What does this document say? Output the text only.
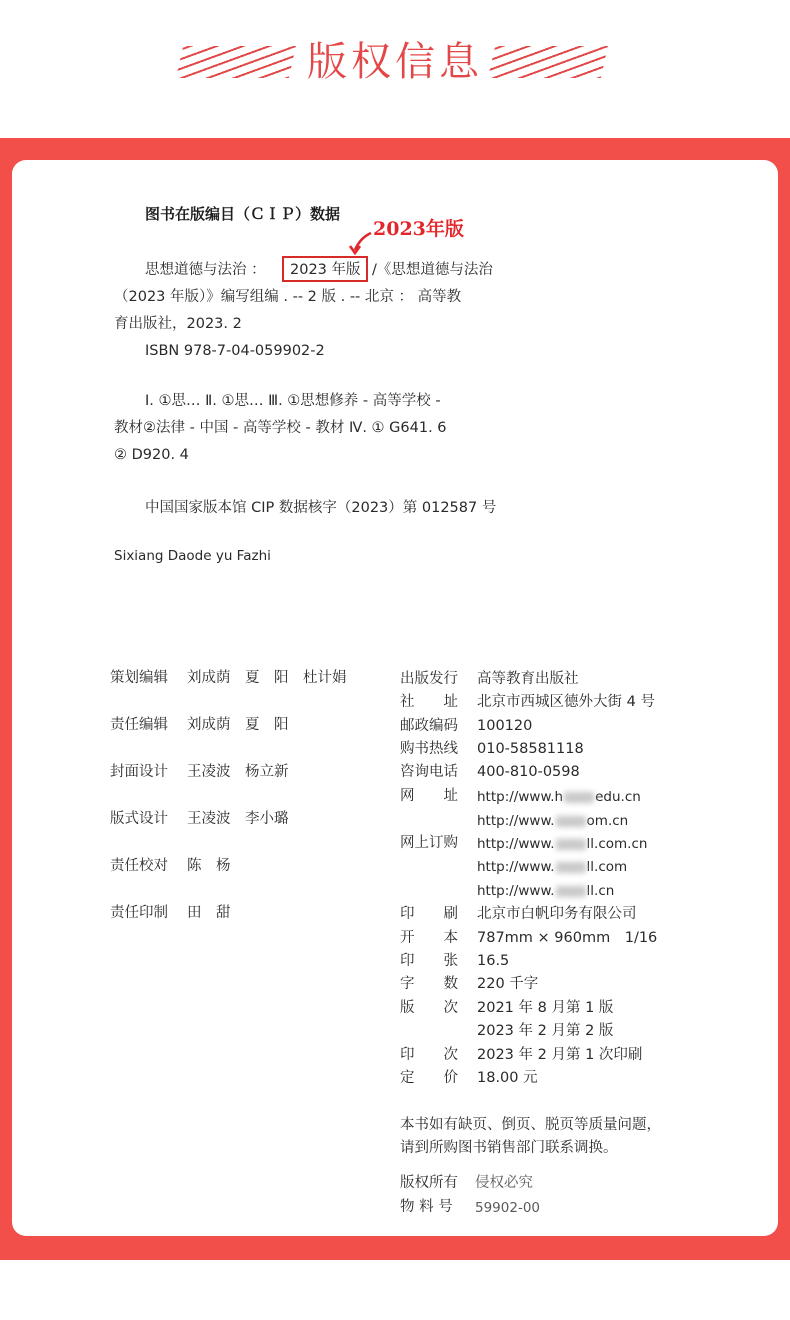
版权信息
图书在版编目（ＣＩＰ）数据
2023年版
思想道德与法治 ： 2023 年版 /《思想道德与法治
（2023 年版）》编写组编 . -- 2 版 . -- 北京 ： 高等教
育出版社，2023. 2
ISBN 978-7-04-059902-2
Ⅰ. ①思… Ⅱ. ①思… Ⅲ. ①思想修养 - 高等学校 -
教材②法律 - 中国 - 高等学校 - 教材 Ⅳ. ① G641. 6
② D920. 4
中国国家版本馆 CIP 数据核字（2023）第 012587 号
Sixiang Daode yu Fazhi
策划编辑 刘成荫　夏　阳　杜计娟
责任编辑 刘成荫　夏　阳
封面设计 王凌波　杨立新
版式设计 王凌波　李小璐
责任校对 陈　杨
责任印制 田　甜
出版发行 高等教育出版社
社　　址 北京市西城区德外大街 4 号
邮政编码 100120
购书热线 010-58581118
咨询电话 400-810-0598
网　　址 http://www.h edu.cn
http://www. om.cn
网上订购 http://www. ll.com.cn
http://www. ll.com
http://www. ll.cn
印　　刷 北京市白帆印务有限公司
开　　本 787mm × 960mm　1/16
印　　张 16.5
字　　数 220 千字
版　　次 2021 年 8 月第 1 版
2023 年 2 月第 2 版
印　　次 2023 年 2 月第 1 次印刷
定　　价 18.00 元
本书如有缺页、倒页、脱页等质量问题，
请到所购图书销售部门联系调换。
版权所有 侵权必究
物 料 号 59902-00
